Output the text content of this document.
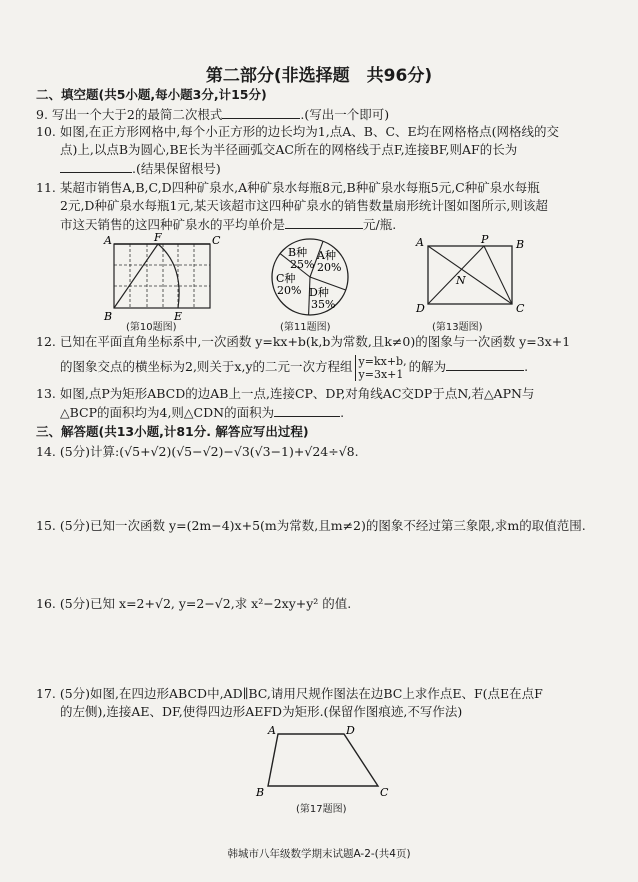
第二部分(非选择题　共96分)
二、填空题(共5小题,每小题3分,计15分)
9. 写出一个大于2的最简二次根式	.(写出一个即可)
10. 如图,在正方形网格中,每个小正方形的边长均为1,点A、B、C、E均在网格格点(网格线的交
点)上,以点B为圆心,BE长为半径画弧交AC所在的网格线于点F,连接BF,则AF的长为
.(结果保留根号)
11. 某超市销售A,B,C,D四种矿泉水,A种矿泉水每瓶8元,B种矿泉水每瓶5元,C种矿泉水每瓶
2元,D种矿泉水每瓶1元,某天该超市这四种矿泉水的销售数量扇形统计图如图所示,则该超
市这天销售的这四种矿泉水的平均单价是	元/瓶.
A	F	C
B	E
(第10题图)
B种
25%
A种
20%
C种
20% D种
35%
(第11题图)
A	P	B
N
D	C
(第13题图)
12. 已知在平面直角坐标系中,一次函数 y=kx+b(k,b为常数,且k≠0)的图象与一次函数 y=3x+1
的图象交点的横坐标为2,则关于x,y的二元一次方程组 y=kx+b,
y=3x+1 的解为	.
13. 如图,点P为矩形ABCD的边AB上一点,连接CP、DP,对角线AC交DP于点N,若△APN与
△BCP的面积均为4,则△CDN的面积为	.
三、解答题(共13小题,计81分. 解答应写出过程)
14. (5分)计算:(√5+√2)(√5−√2)−√3(√3−1)+√24÷√8.
15. (5分)已知一次函数 y=(2m−4)x+5(m为常数,且m≠2)的图象不经过第三象限,求m的取值范围.
16. (5分)已知 x=2+√2, y=2−√2,求 x²−2xy+y² 的值.
17. (5分)如图,在四边形ABCD中,AD∥BC,请用尺规作图法在边BC上求作点E、F(点E在点F
的左侧),连接AE、DF,使得四边形AEFD为矩形.(保留作图痕迹,不写作法)
A	D
B	C
(第17题图)
韩城市八年级数学期末试题A-2-(共4页)
